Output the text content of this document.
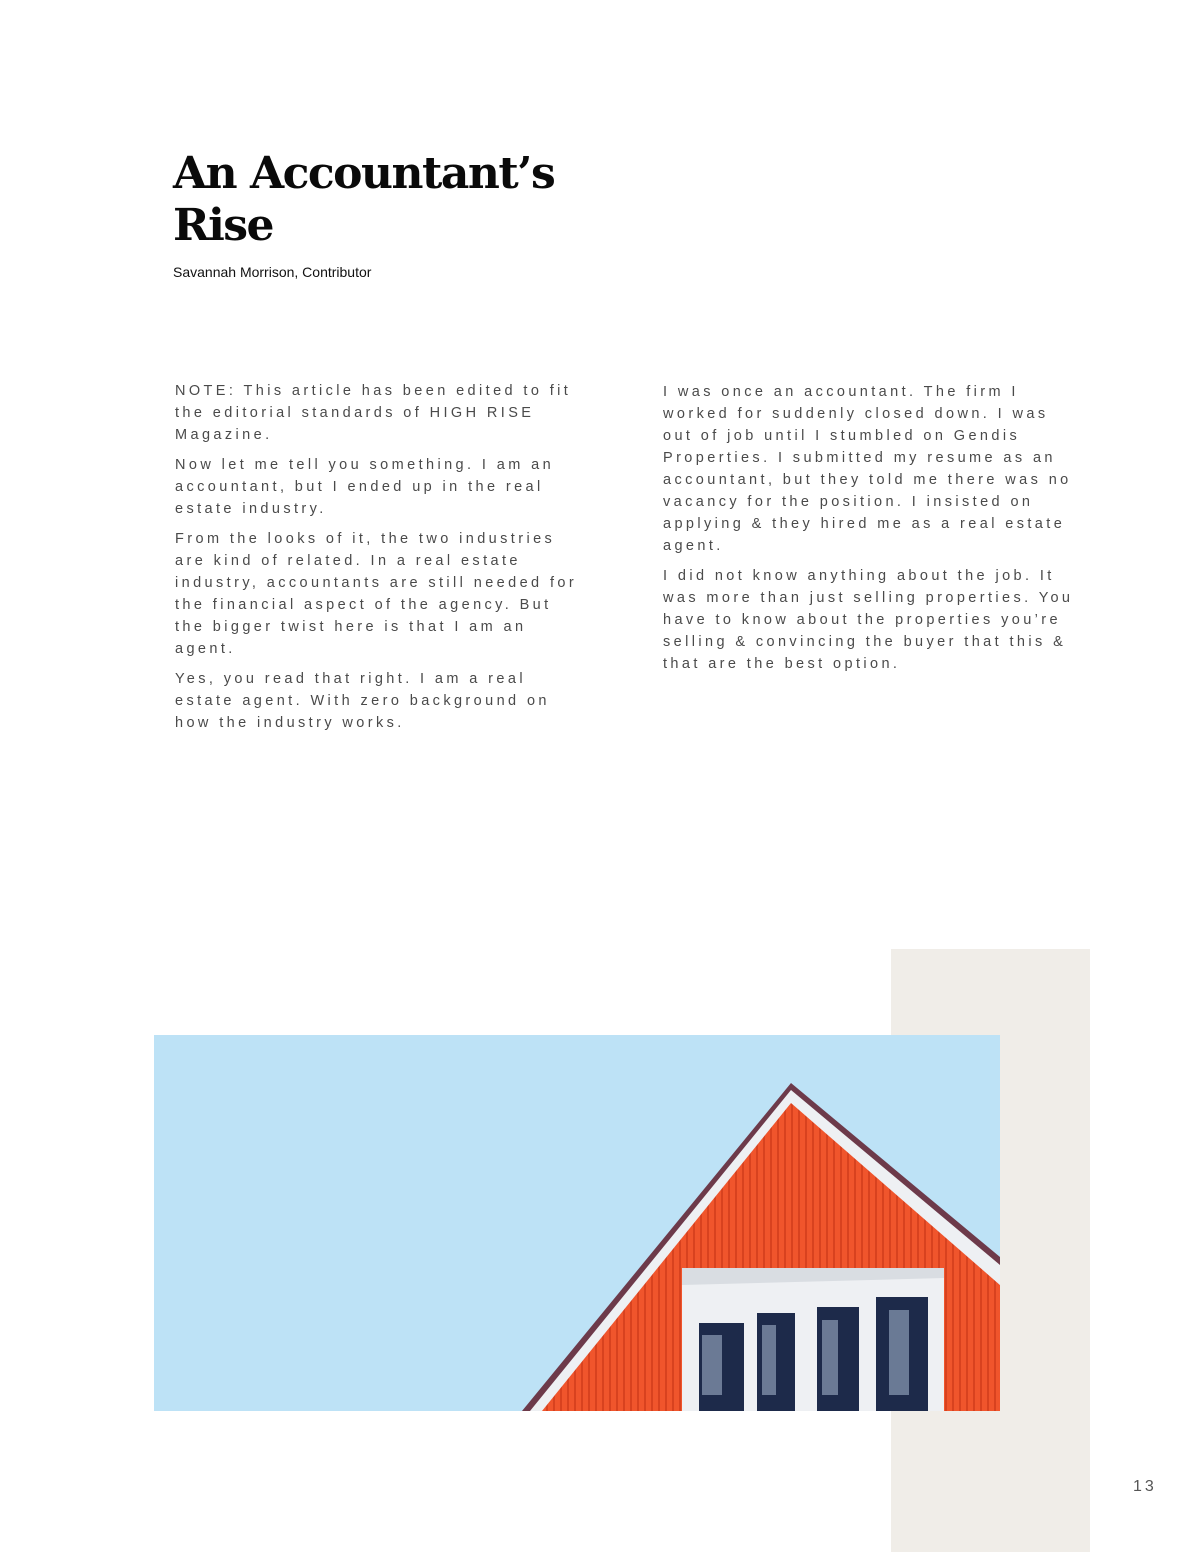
An Accountant’s
Rise

Savannah Morrison, Contributor

NOTE: This article has been edited to fit the editorial standards of HIGH RISE Magazine.

Now let me tell you something. I am an accountant, but I ended up in the real estate industry.

From the looks of it, the two industries are kind of related. In a real estate industry, accountants are still needed for the financial aspect of the agency. But the bigger twist here is that I am an agent.

Yes, you read that right. I am a real estate agent. With zero background on how the industry works.

I was once an accountant. The firm I worked for suddenly closed down. I was out of job until I stumbled on Gendis Properties. I submitted my resume as an accountant, but they told me there was no vacancy for the position. I insisted on applying & they hired me as a real estate agent.

I did not know anything about the job. It was more than just selling properties. You have to know about the properties you’re selling & convincing the buyer that this & that are the best option.

13
